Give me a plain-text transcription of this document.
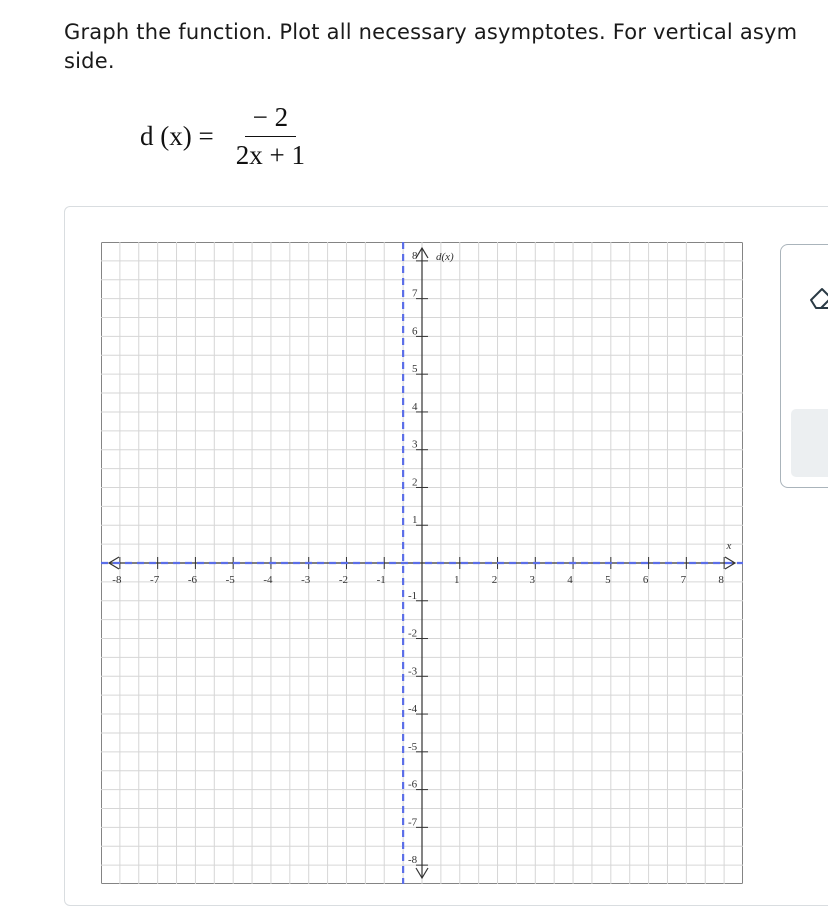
Graph the function. Plot all necessary asymptotes. For vertical asym
side.
d $(x) = \frac{- 2}{2x + 1}$
-8	-7	-6	-5	-4	-3	-2	-1	1	2	3	4	5	6	7	8
8
7
6
5
4
3
2
1
-1
-2
-3
-4
-5
-6
-7
-8
x
d(x)
